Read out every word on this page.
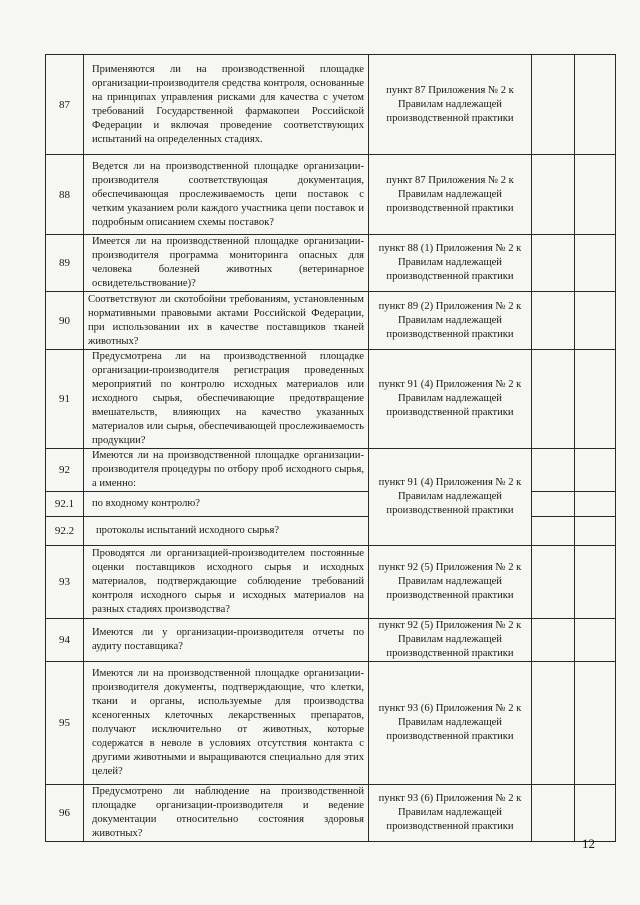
87	Применяются ли на производственной площадке организации-производителя средства контроля, основанные на принципах управления рисками для качества с учетом требований Государственной фармакопеи Российской Федерации и включая проведение соответствующих испытаний на определенных стадиях.	пункт 87 Приложения № 2 к Правилам надлежащей производственной практики		
88	Ведется ли на производственной площадке организации-производителя соответствующая документация, обеспечивающая прослеживаемость цепи поставок с четким указанием роли каждого участника цепи поставок и подробным описанием схемы поставок?	пункт 87 Приложения № 2 к Правилам надлежащей производственной практики		
89	Имеется ли на производственной площадке организации-производителя программа мониторинга опасных для человека болезней животных (ветеринарное освидетельствование)?	пункт 88 (1) Приложения № 2 к Правилам надлежащей производственной практики		
90	Соответствуют ли скотобойни требованиям, установленным нормативными правовыми актами Российской Федерации, при использовании их в качестве поставщиков тканей животных?	пункт 89 (2) Приложения № 2 к Правилам надлежащей производственной практики		
91	Предусмотрена ли на производственной площадке организации-производителя регистрация проведенных мероприятий по контролю исходных материалов или исходного сырья, обеспечивающие предотвращение вмешательств, влияющих на качество указанных материалов или сырья, обеспечивающей прослеживаемость продукции?	пункт 91 (4) Приложения № 2 к Правилам надлежащей производственной практики		
92	Имеются ли на производственной площадке организации-производителя процедуры по отбору проб исходного сырья, а именно:	пункт 91 (4) Приложения № 2 к Правилам надлежащей производственной практики		
92.1	по входному контролю?			
92.2	протоколы испытаний исходного сырья?			
93	Проводятся ли организацией-производителем постоянные оценки поставщиков исходного сырья и исходных материалов, подтверждающие соблюдение требований контроля исходного сырья и исходных материалов на разных стадиях производства?	пункт 92 (5) Приложения № 2 к Правилам надлежащей производственной практики		
94	Имеются ли у организации-производителя отчеты по аудиту поставщика?	пункт 92 (5) Приложения № 2 к Правилам надлежащей производственной практики		
95	Имеются ли на производственной площадке организации-производителя документы, подтверждающие, что клетки, ткани и органы, используемые для производства ксеногенных клеточных лекарственных препаратов, получают исключительно от животных, которые содержатся в неволе в условиях отсутствия контакта с другими животными и выращиваются специально для этих целей?	пункт 93 (6) Приложения № 2 к Правилам надлежащей производственной практики		
96	Предусмотрено ли наблюдение на производственной площадке организации-производителя и ведение документации относительно состояния здоровья животных?	пункт 93 (6) Приложения № 2 к Правилам надлежащей производственной практики		
12
